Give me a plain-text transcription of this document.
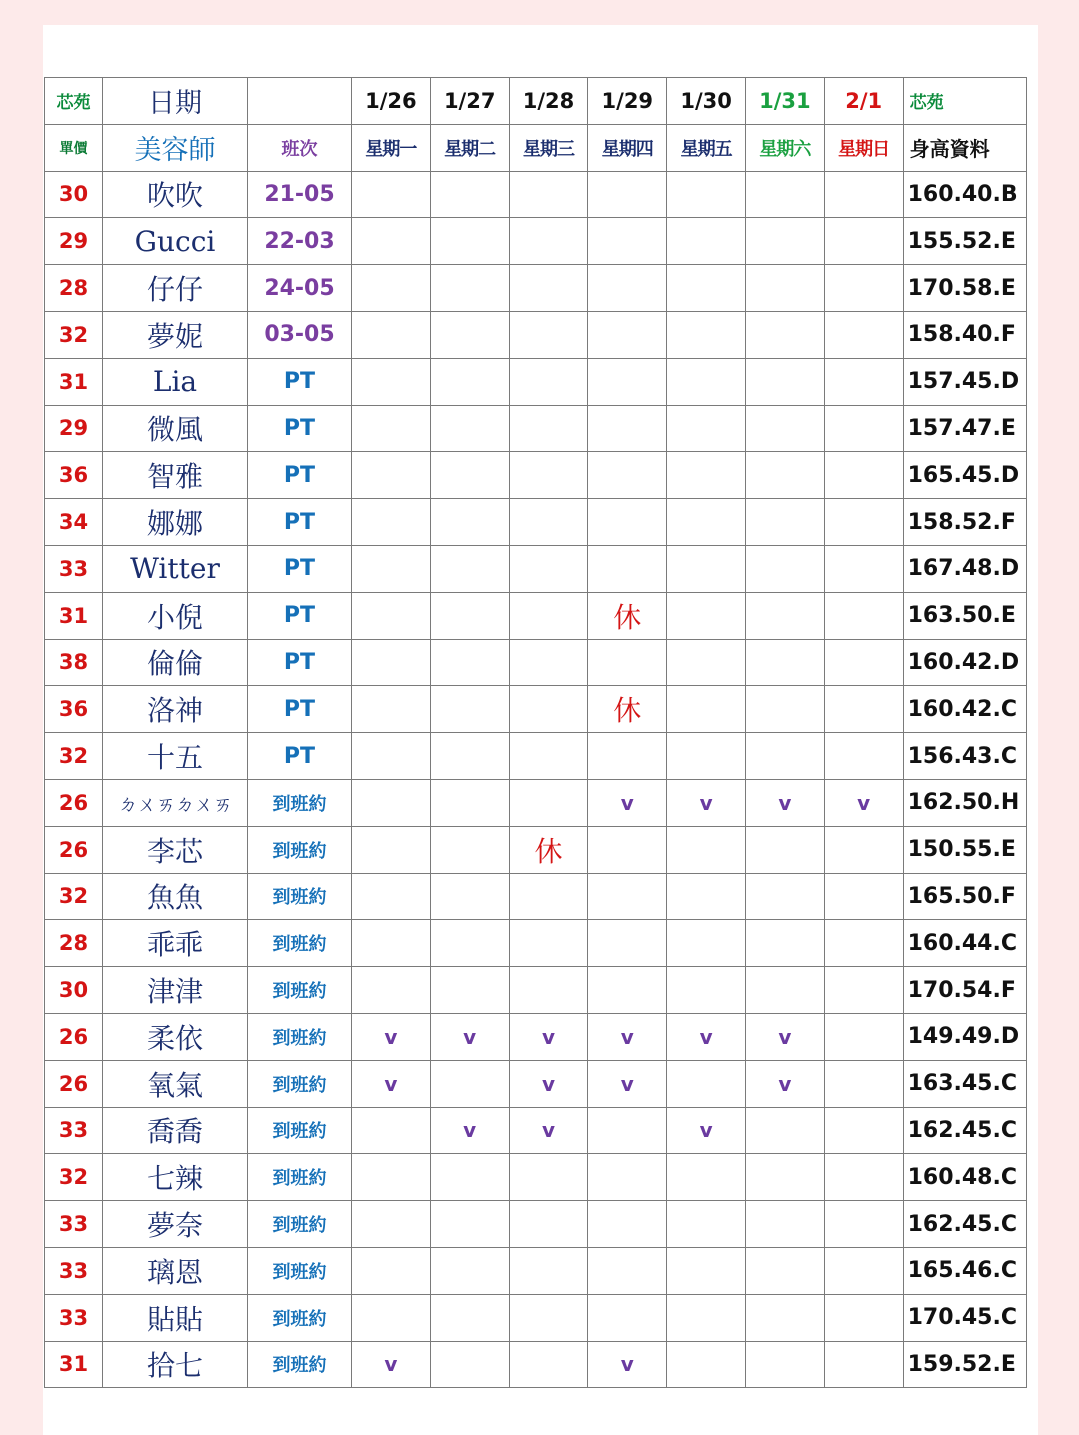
芯苑	日期		1/26	1/27	1/28	1/29	1/30	1/31	2/1	芯苑
單價	美容師	班次	星期一	星期二	星期三	星期四	星期五	星期六	星期日	身高資料
30	吹吹	21-05								160.40.B
29	Gucci	22-03								155.52.E
28	仔仔	24-05								170.58.E
32	夢妮	03-05								158.40.F
31	Lia	PT								157.45.D
29	微風	PT								157.47.E
36	智雅	PT								165.45.D
34	娜娜	PT								158.52.F
33	Witter	PT								167.48.D
31	小倪	PT				休				163.50.E
38	倫倫	PT								160.42.D
36	洛神	PT				休				160.42.C
32	十五	PT								156.43.C
26	ㄉㄨㄞㄉㄨㄞ	到班約				v	v	v	v	162.50.H
26	李芯	到班約			休					150.55.E
32	魚魚	到班約								165.50.F
28	乖乖	到班約								160.44.C
30	津津	到班約								170.54.F
26	柔依	到班約	v	v	v	v	v	v		149.49.D
26	氧氣	到班約	v		v	v		v		163.45.C
33	喬喬	到班約		v	v		v			162.45.C
32	七辣	到班約								160.48.C
33	夢奈	到班約								162.45.C
33	璃恩	到班約								165.46.C
33	貼貼	到班約								170.45.C
31	拾七	到班約	v			v				159.52.E
